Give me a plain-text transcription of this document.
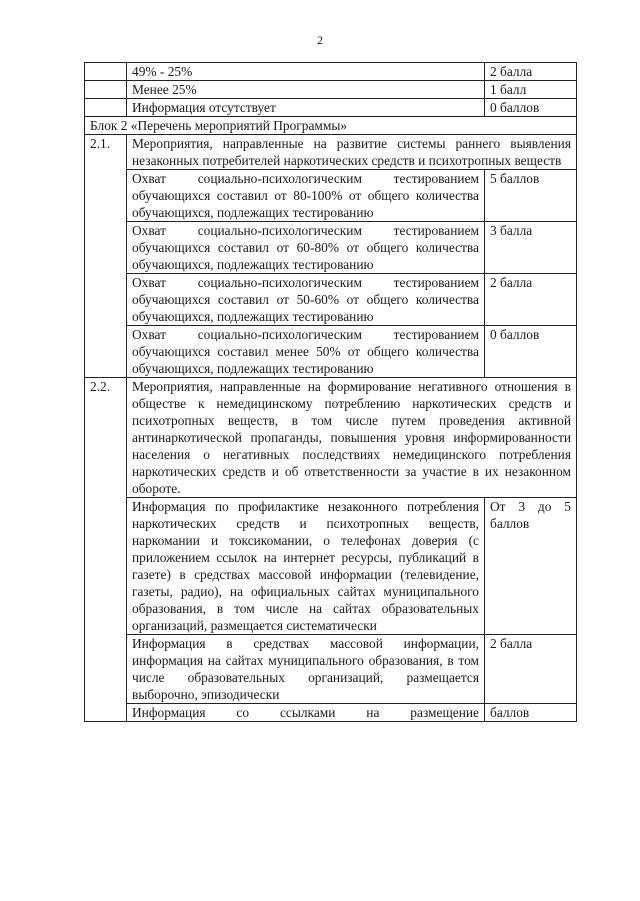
2
	49% - 25%	2 балла
	Менее 25%	1 балл
	Информация отсутствует	0 баллов
Блок 2 «Перечень мероприятий Программы»		
2.1.	Мероприятия, направленные на развитие системы раннего выявления незаконных потребителей наркотических средств и психотропных веществ	
	Охват социально-психологическим тестированием обучающихся составил от 80-100% от общего количества обучающихся, подлежащих тестированию	5 баллов
	Охват социально-психологическим тестированием обучающихся составил от 60-80% от общего количества обучающихся, подлежащих тестированию	3 балла
	Охват социально-психологическим тестированием обучающихся составил от 50-60% от общего количества обучающихся, подлежащих тестированию	2 балла
	Охват социально-психологическим тестированием обучающихся составил менее 50% от общего количества обучающихся, подлежащих тестированию	0 баллов
2.2.	Мероприятия, направленные на формирование негативного отношения в обществе к немедицинскому потреблению наркотических средств и психотропных веществ, в том числе путем проведения активной антинаркотической пропаганды, повышения уровня информированности населения о негативных последствиях немедицинского потребления наркотических средств и об ответственности за участие в их незаконном обороте.	
	Информация по профилактике незаконного потребления наркотических средств и психотропных веществ, наркомании и токсикомании, о телефонах доверия (с приложением ссылок на интернет ресурсы, публикаций в газете) в средствах массовой информации (телевидение, газеты, радио), на официальных сайтах муниципального образования, в том числе на сайтах образовательных организаций, размещается систематически	От 3 до 5 баллов
	Информация в средствах массовой информации, информация на сайтах муниципального образования, в том числе образовательных организаций, размещается выборочно, эпизодически	2 балла
	Информация со ссылками на размещение	баллов
